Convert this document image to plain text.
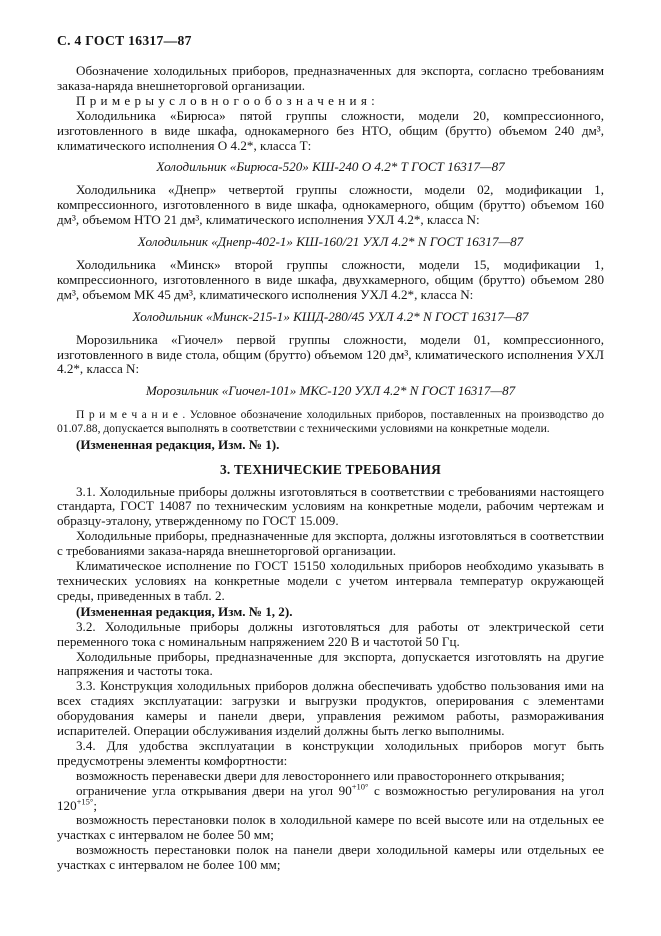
С. 4 ГОСТ 16317—87

Обозначение холодильных приборов, предназначенных для экспорта, согласно требованиям заказа-наряда внешнеторговой организации.

П р и м е р ы у с л о в н о г о о б о з н а ч е н и я :

Холодильника «Бирюса» пятой группы сложности, модели 20, компрессионного, изготовленного в виде шкафа, однокамерного без НТО, общим (брутто) объемом 240 дм³, климатического исполнения О 4.2*, класса Т:

Холодильник «Бирюса-520» КШ-240 О 4.2* Т ГОСТ 16317—87

Холодильника «Днепр» четвертой группы сложности, модели 02, модификации 1, компрессионного, изготовленного в виде шкафа, однокамерного, общим (брутто) объемом 160 дм³, объемом НТО 21 дм³, климатического исполнения УХЛ 4.2*, класса N:

Холодильник «Днепр-402-1» КШ-160/21 УХЛ 4.2* N ГОСТ 16317—87

Холодильника «Минск» второй группы сложности, модели 15, модификации 1, компрессионного, изготовленного в виде шкафа, двухкамерного, общим (брутто) объемом 280 дм³, объемом МК 45 дм³, климатического исполнения УХЛ 4.2*, класса N:

Холодильник «Минск-215-1» КШД-280/45 УХЛ 4.2* N ГОСТ 16317—87

Морозильника «Гиочел» первой группы сложности, модели 01, компрессионного, изготовленного в виде стола, общим (брутто) объемом 120 дм³, климатического исполнения УХЛ 4.2*, класса N:

Морозильник «Гиочел-101» МКС-120 УХЛ 4.2* N ГОСТ 16317—87

П р и м е ч а н и е . Условное обозначение холодильных приборов, поставленных на производство до 01.07.88, допускается выполнять в соответствии с техническими условиями на конкретные модели.

(Измененная редакция, Изм. № 1).

3. ТЕХНИЧЕСКИЕ ТРЕБОВАНИЯ

3.1. Холодильные приборы должны изготовляться в соответствии с требованиями настоящего стандарта, ГОСТ 14087 по техническим условиям на конкретные модели, рабочим чертежам и образцу-эталону, утвержденному по ГОСТ 15.009.

Холодильные приборы, предназначенные для экспорта, должны изготовляться в соответствии с требованиями заказа-наряда внешнеторговой организации.

Климатическое исполнение по ГОСТ 15150 холодильных приборов необходимо указывать в технических условиях на конкретные модели с учетом интервала температур окружающей среды, приведенных в табл. 2.

(Измененная редакция, Изм. № 1, 2).

3.2. Холодильные приборы должны изготовляться для работы от электрической сети переменного тока с номинальным напряжением 220 В и частотой 50 Гц.

Холодильные приборы, предназначенные для экспорта, допускается изготовлять на другие напряжения и частоты тока.

3.3. Конструкция холодильных приборов должна обеспечивать удобство пользования ими на всех стадиях эксплуатации: загрузки и выгрузки продуктов, оперирования с элементами оборудования камеры и панели двери, управления режимом работы, размораживания испарителей. Операции обслуживания изделий должны быть легко выполнимы.

3.4. Для удобства эксплуатации в конструкции холодильных приборов могут быть предусмотрены элементы комфортности:

возможность перенавески двери для левостороннего или правостороннего открывания;

ограничение угла открывания двери на угол $90^{+10^\circ}$ с возможностью регулирования на угол $120^{+15^\circ}$;

возможность перестановки полок в холодильной камере по всей высоте или на отдельных ее участках с интервалом не более 50 мм;

возможность перестановки полок на панели двери холодильной камеры или отдельных ее участках с интервалом не более 100 мм;
